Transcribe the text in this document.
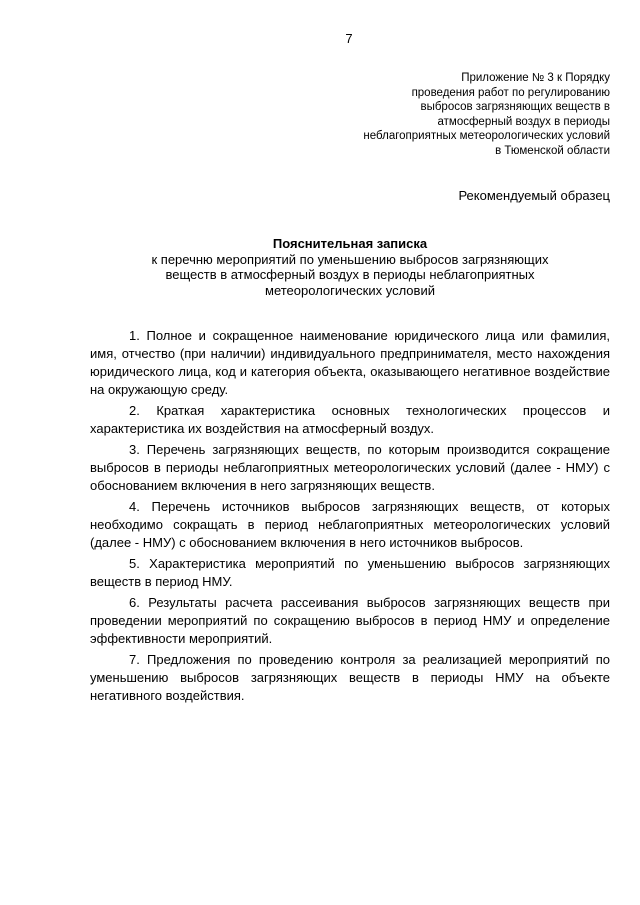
7
Приложение № 3 к Порядку
проведения работ по регулированию
выбросов загрязняющих веществ в
атмосферный воздух в периоды
неблагоприятных метеорологических условий
в Тюменской области
Рекомендуемый образец
Пояснительная записка
к перечню мероприятий по уменьшению выбросов загрязняющих
веществ в атмосферный воздух в периоды неблагоприятных
метеорологических условий

1. Полное и сокращенное наименование юридического лица или фамилия, имя, отчество (при наличии) индивидуального предпринимателя, место нахождения юридического лица, код и категория объекта, оказывающего негативное воздействие на окружающую среду.

2. Краткая характеристика основных технологических процессов и характеристика их воздействия на атмосферный воздух.

3. Перечень загрязняющих веществ, по которым производится сокращение выбросов в периоды неблагоприятных метеорологических условий (далее - НМУ) с обоснованием включения в него загрязняющих веществ.

4. Перечень источников выбросов загрязняющих веществ, от которых необходимо сокращать в период неблагоприятных метеорологических условий (далее - НМУ) с обоснованием включения в него источников выбросов.

5. Характеристика мероприятий по уменьшению выбросов загрязняющих веществ в период НМУ.

6. Результаты расчета рассеивания выбросов загрязняющих веществ при проведении мероприятий по сокращению выбросов в период НМУ и определение эффективности мероприятий.

7. Предложения по проведению контроля за реализацией мероприятий по уменьшению выбросов загрязняющих веществ в периоды НМУ на объекте негативного воздействия.
